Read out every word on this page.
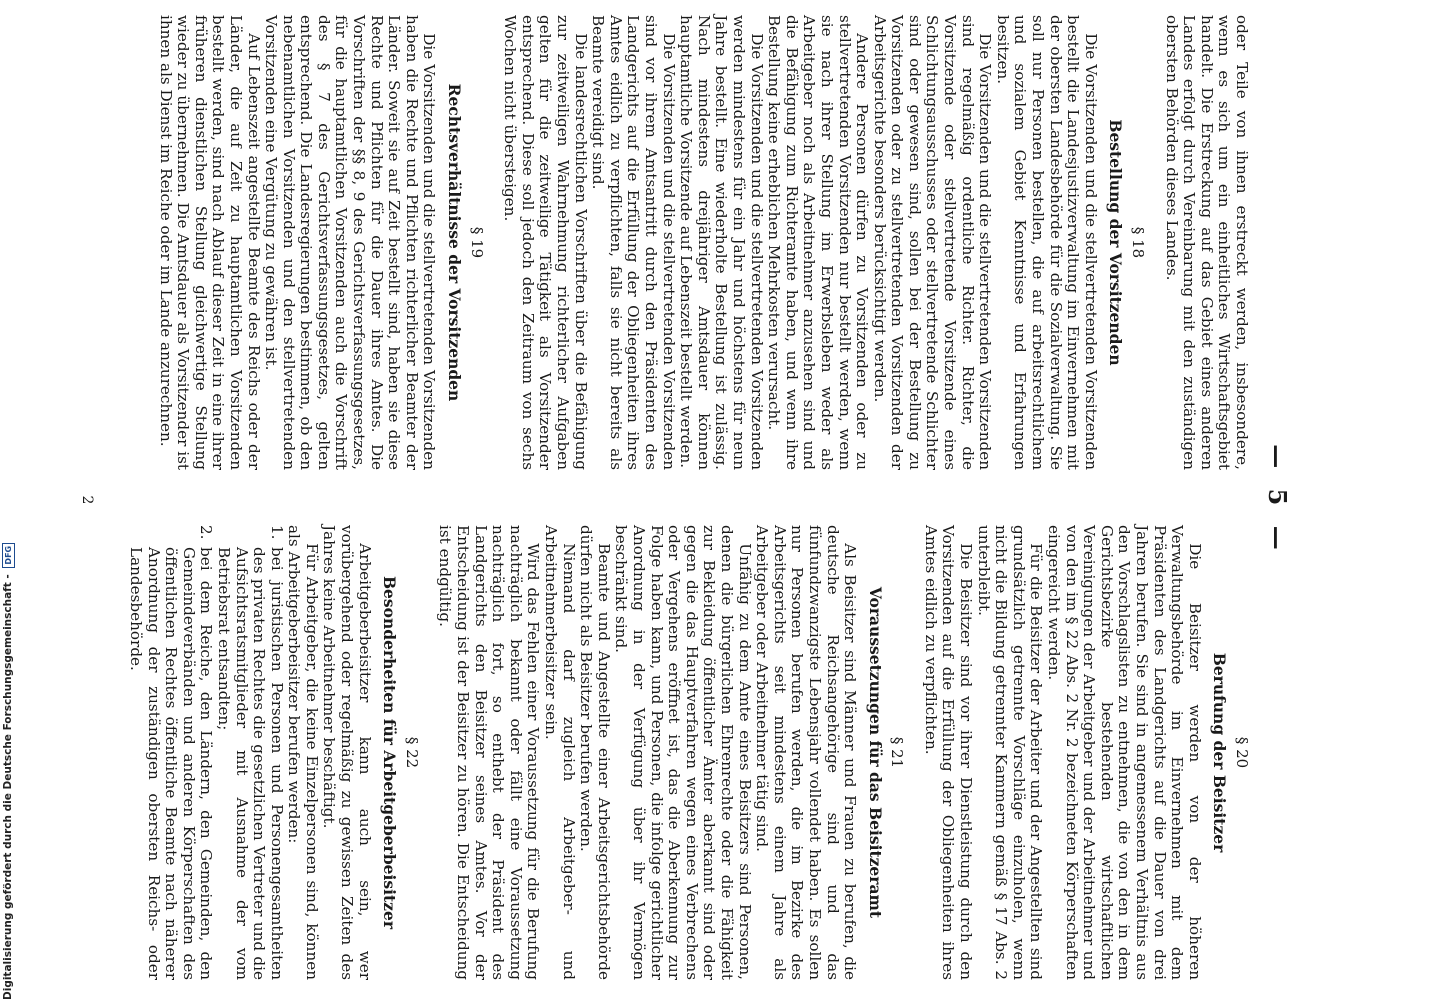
— 5 —

oder Teile von ihnen erstreckt werden, insbesondere, wenn es sich um ein einheitliches Wirtschaftsgebiet handelt. Die Erstreckung auf das Gebiet eines anderen Landes erfolgt durch Vereinbarung mit den zuständigen obersten Behörden dieses Landes.

§ 18
Bestellung der Vorsitzenden

Die Vorsitzenden und die stellvertretenden Vorsitzenden bestellt die Landesjustizverwaltung im Einvernehmen mit der obersten Landesbehörde für die Sozialverwaltung. Sie soll nur Personen bestellen, die auf arbeitsrechtlichem und sozialem Gebiet Kenntnisse und Erfahrungen besitzen.

Die Vorsitzenden und die stellvertretenden Vorsitzenden sind regelmäßig ordentliche Richter. Richter, die Vorsitzende oder stellvertretende Vorsitzende eines Schlichtungsausschusses oder stellvertretende Schlichter sind oder gewesen sind, sollen bei der Bestellung zu Vorsitzenden oder zu stellvertretenden Vorsitzenden der Arbeitsgerichte besonders berücksichtigt werden.

Andere Personen dürfen zu Vorsitzenden oder zu stellvertretenden Vorsitzenden nur bestellt werden, wenn sie nach ihrer Stellung im Erwerbsleben weder als Arbeitgeber noch als Arbeitnehmer anzusehen sind und die Befähigung zum Richteramte haben, und wenn ihre Bestellung keine erheblichen Mehrkosten verursacht.

Die Vorsitzenden und die stellvertretenden Vorsitzenden werden mindestens für ein Jahr und höchstens für neun Jahre bestellt. Eine wiederholte Bestellung ist zulässig. Nach mindestens dreijähriger Amtsdauer können hauptamtliche Vorsitzende auf Lebenszeit bestellt werden.

Die Vorsitzenden und die stellvertretenden Vorsitzenden sind vor ihrem Amtsantritt durch den Präsidenten des Landgerichts auf die Erfüllung der Obliegenheiten ihres Amtes eidlich zu verpflichten, falls sie nicht bereits als Beamte vereidigt sind.

Die landesrechtlichen Vorschriften über die Befähigung zur zeitweiligen Wahrnehmung richterlicher Aufgaben gelten für die zeitweilige Tätigkeit als Vorsitzender entsprechend. Diese soll jedoch den Zeitraum von sechs Wochen nicht übersteigen.

§ 19
Rechtsverhältnisse der Vorsitzenden

Die Vorsitzenden und die stellvertretenden Vorsitzenden haben die Rechte und Pflichten richterlicher Beamter der Länder. Soweit sie auf Zeit bestellt sind, haben sie diese Rechte und Pflichten für die Dauer ihres Amtes. Die Vorschriften der §§ 8, 9 des Gerichtsverfassungsgesetzes, für die hauptamtlichen Vorsitzenden auch die Vorschrift des § 7 des Gerichtsverfassungsgesetzes, gelten entsprechend. Die Landesregierungen bestimmen, ob den nebenamtlichen Vorsitzenden und den stellvertretenden Vorsitzenden eine Vergütung zu gewähren ist.

Auf Lebenszeit angestellte Beamte des Reichs oder der Länder, die auf Zeit zu hauptamtlichen Vorsitzenden bestellt werden, sind nach Ablauf dieser Zeit in eine ihrer früheren dienstlichen Stellung gleichwertige Stellung wieder zu übernehmen. Die Amtsdauer als Vorsitzender ist ihnen als Dienst im Reiche oder im Lande anzurechnen.

§ 20
Berufung der Beisitzer

Die Beisitzer werden von der höheren Verwaltungsbehörde im Einvernehmen mit dem Präsidenten des Landgerichts auf die Dauer von drei Jahren berufen. Sie sind in angemessenem Verhältnis aus den Vorschlagslisten zu entnehmen, die von den in dem Gerichtsbezirke bestehenden wirtschaftlichen Vereinigungen der Arbeitgeber und der Arbeitnehmer und von den im § 22 Abs. 2 Nr. 2 bezeichneten Körperschaften eingereicht werden.

Für die Beisitzer der Arbeiter und der Angestellten sind grundsätzlich getrennte Vorschläge einzuholen, wenn nicht die Bildung getrennter Kammern gemäß § 17 Abs. 2 unterbleibt.

Die Beisitzer sind vor ihrer Dienstleistung durch den Vorsitzenden auf die Erfüllung der Obliegenheiten ihres Amtes eidlich zu verpflichten.

§ 21
Voraussetzungen für das Beisitzeramt

Als Beisitzer sind Männer und Frauen zu berufen, die deutsche Reichsangehörige sind und das fünfundzwanzigste Lebensjahr vollendet haben. Es sollen nur Personen berufen werden, die im Bezirke des Arbeitsgerichts seit mindestens einem Jahre als Arbeitgeber oder Arbeitnehmer tätig sind.

Unfähig zu dem Amte eines Beisitzers sind Personen, denen die bürgerlichen Ehrenrechte oder die Fähigkeit zur Bekleidung öffentlicher Ämter aberkannt sind oder gegen die das Hauptverfahren wegen eines Verbrechens oder Vergehens eröffnet ist, das die Aberkennung zur Folge haben kann, und Personen, die infolge gerichtlicher Anordnung in der Verfügung über ihr Vermögen beschränkt sind.

Beamte und Angestellte einer Arbeitsgerichtsbehörde dürfen nicht als Beisitzer berufen werden.

Niemand darf zugleich Arbeitgeber- und Arbeitnehmerbeisitzer sein.

Wird das Fehlen einer Voraussetzung für die Berufung nachträglich bekannt oder fällt eine Voraussetzung nachträglich fort, so enthebt der Präsident des Landgerichts den Beisitzer seines Amtes. Vor der Entscheidung ist der Beisitzer zu hören. Die Entscheidung ist endgültig.

§ 22
Besonderheiten für Arbeitgeberbeisitzer

Arbeitgeberbeisitzer kann auch sein, wer vorübergehend oder regelmäßig zu gewissen Zeiten des Jahres keine Arbeitnehmer beschäftigt.

Für Arbeitgeber, die keine Einzelpersonen sind, können als Arbeitgeberbeisitzer berufen werden:

1.
bei juristischen Personen und Personengesamtheiten des privaten Rechtes die gesetzlichen Vertreter und die Aufsichtsratsmitglieder mit Ausnahme der vom Betriebsrat entsandten;
2.
bei dem Reiche, den Ländern, den Gemeinden, den Gemeindeverbänden und anderen Körperschaften des öffentlichen Rechtes öffentliche Beamte nach näherer Anordnung der zuständigen obersten Reichs- oder Landesbehörde.
2
Digitalisierung gefördert durch die Deutsche Forschungsgemeinschaft - DFG
